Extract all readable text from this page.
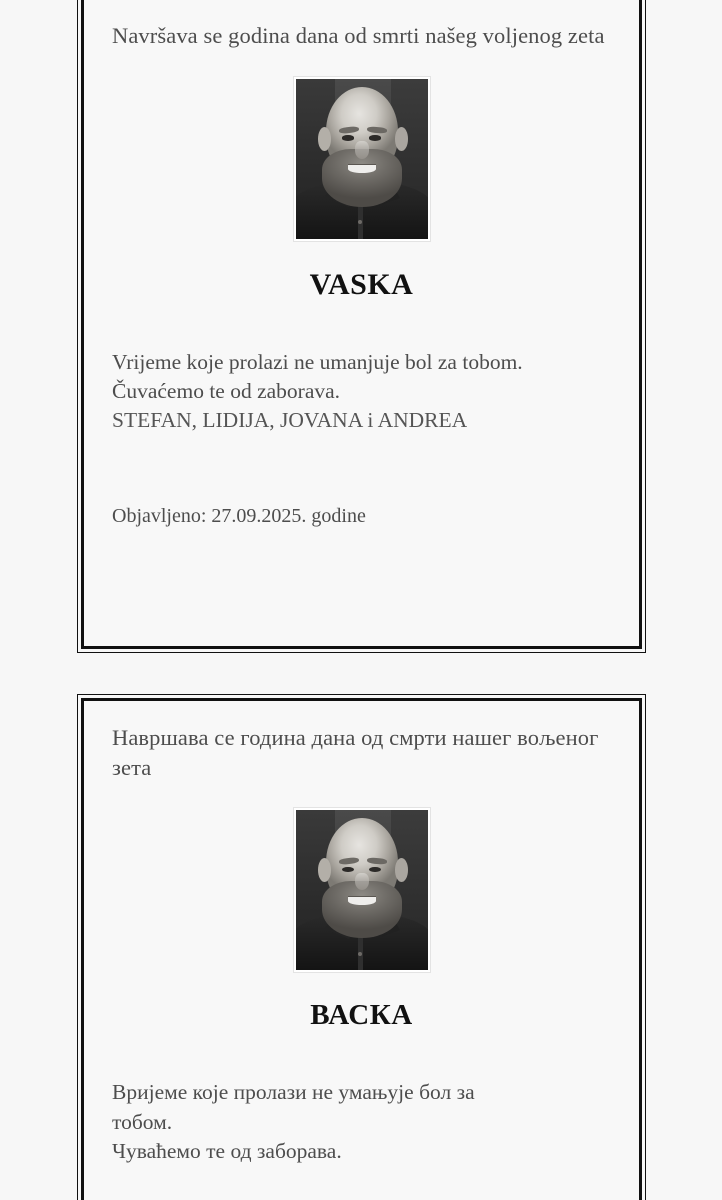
Navršava se godina dana od smrti našeg voljenog zeta
VASKA
Vrijeme koje prolazi ne umanjuje bol za tobom.
Čuvaćemo te od zaborava.
STEFAN, LIDIJA, JOVANA i ANDREA
Objavljeno: 27.09.2025. godine
Навршава се година дана од смрти нашег вољеног зета
ВАСКА
Вријеме које пролази не умањује бол за
тобом.
Чуваћемо те од заборава.
